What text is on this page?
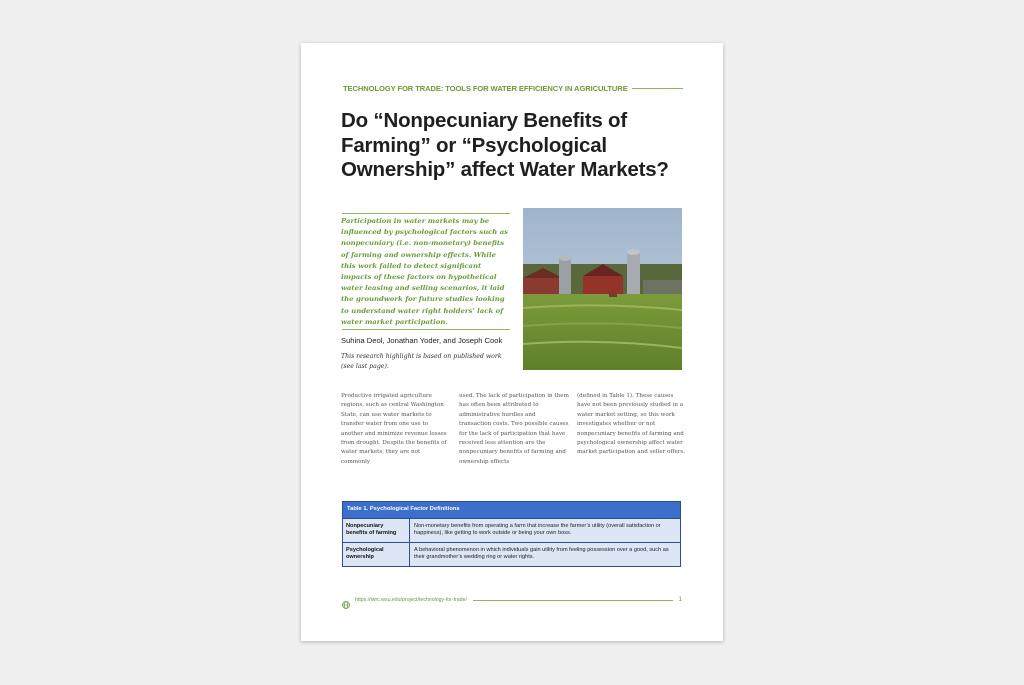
TECHNOLOGY FOR TRADE: TOOLS FOR WATER EFFICIENCY IN AGRICULTURE
Do “Nonpecuniary Benefits of Farming” or “Psychological Ownership” affect Water Markets?

Participation in water markets may be influenced by psychological factors such as nonpecuniary (i.e. non-monetary) benefits of farming and ownership effects. While this work failed to detect significant impacts of these factors on hypothetical water leasing and selling scenarios, it laid the groundwork for future studies looking to understand water right holders’ lack of water market participation.

Suhina Deol, Jonathan Yoder, and Joseph Cook

This research highlight is based on published work (see last page).

Productive irrigated agriculture regions, such as central Washington State, can use water markets to transfer water from one use to another and minimize revenue losses from drought. Despite the benefits of water markets, they are not commonly

used. The lack of participation in them has often been attributed to administrative hurdles and transaction costs. Two possible causes for the lack of participation that have received less attention are the nonpecuniary benefits of farming and ownership effects

(defined in Table 1). These causes have not been previously studied in a water market setting, so this work investigates whether or not nonpecuniary benefits of farming and psychological ownership affect water market participation and seller offers.

Table 1. Psychological Factor Definitions
Nonpecuniary benefits of farming
Non-monetary benefits from operating a farm that increase the farmer’s utility (overall satisfaction or happiness), like getting to work outside or being your own boss.
Psychological ownership
A behavioral phenomenon in which individuals gain utility from feeling possession over a good, such as their grandmother’s wedding ring or water rights.
https://iwrc.wsu.edu/project/technology-for-trade/	1
